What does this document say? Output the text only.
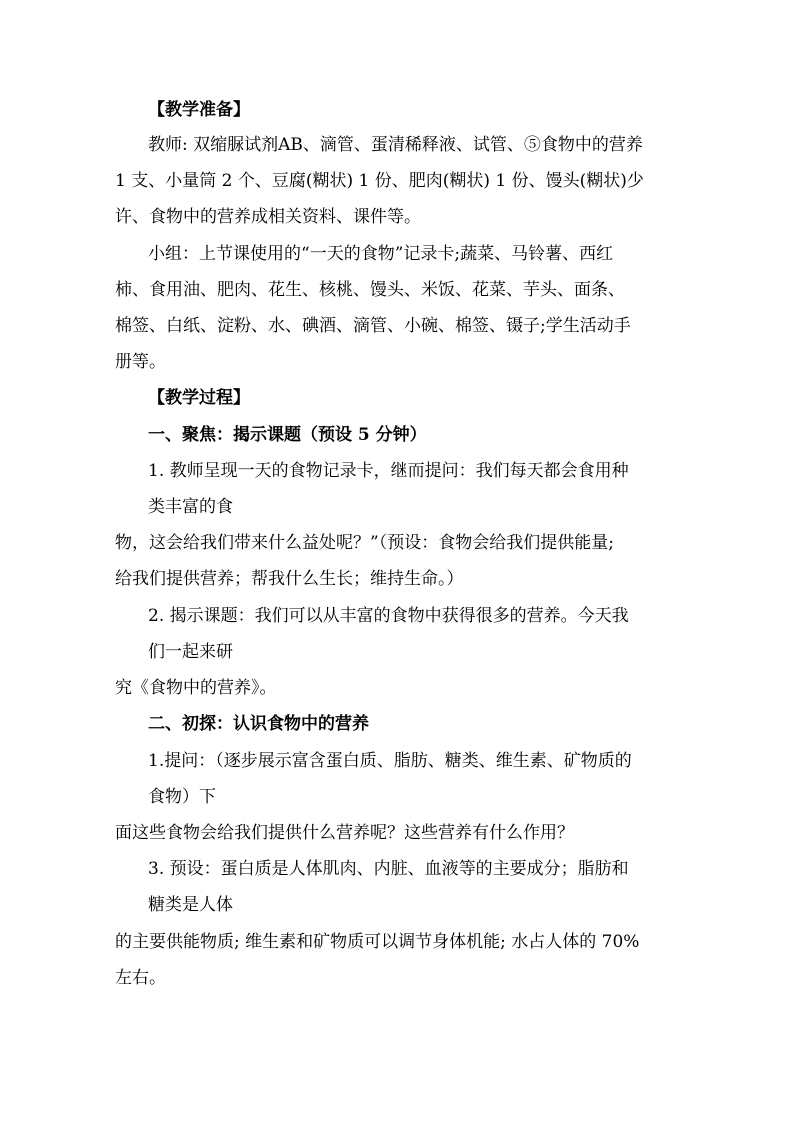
【教学准备】
教师: 双缩脲试剂AB、滴管、蛋清稀释液、试管、⑤食物中的营养
1 支、小量筒 2 个、豆腐(糊状) 1 份、肥肉(糊状) 1 份、馒头(糊状)少
许、食物中的营养成相关资料、课件等。
小组：上节课使用的“一天的食物”记录卡;蔬菜、马铃薯、西红
柿、食用油、肥肉、花生、核桃、馒头、米饭、花菜、芋头、面条、
棉签、白纸、淀粉、水、碘酒、滴管、小碗、棉签、镊子;学生活动手
册等。
【教学过程】
一、聚焦：揭示课题（预设 5 分钟）
1. 教师呈现一天的食物记录卡，继而提问：我们每天都会食用种
类丰富的食
物，这会给我们带来什么益处呢？”（预设：食物会给我们提供能量;
给我们提供营养；帮我什么生长；维持生命。）
2. 揭示课题：我们可以从丰富的食物中获得很多的营养。今天我
们一起来研
究《食物中的营养》。
二、初探：认识食物中的营养
1.提问：（逐步展示富含蛋白质、脂肪、糖类、维生素、矿物质的
食物）下
面这些食物会给我们提供什么营养呢？这些营养有什么作用？
3. 预设：蛋白质是人体肌肉、内脏、血液等的主要成分；脂肪和
糖类是人体
的主要供能物质; 维生素和矿物质可以调节身体机能; 水占人体的 70%
左右。
